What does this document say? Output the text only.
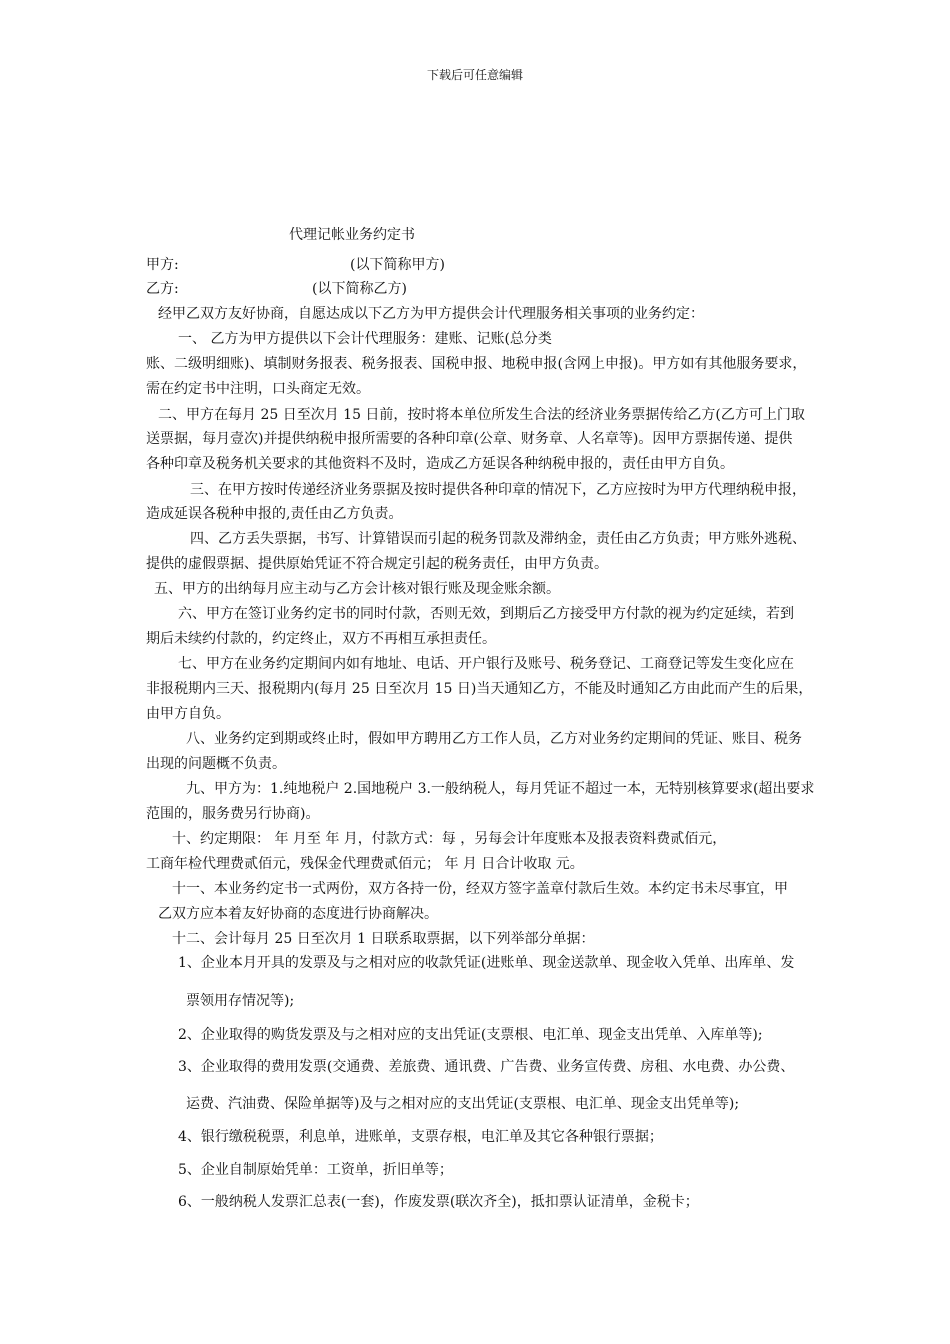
下载后可任意编辑
代理记帐业务约定书
甲方:	(以下简称甲方)
乙方:	(以下简称乙方)
经甲乙双方友好协商，自愿达成以下乙方为甲方提供会计代理服务相关事项的业务约定：
一、 乙方为甲方提供以下会计代理服务：建账、记账(总分类
账、二级明细账)、填制财务报表、税务报表、国税申报、地税申报(含网上申报)。甲方如有其他服务要求，
需在约定书中注明，口头商定无效。
二、甲方在每月 25 日至次月 15 日前，按时将本单位所发生合法的经济业务票据传给乙方(乙方可上门取
送票据，每月壹次)并提供纳税申报所需要的各种印章(公章、财务章、人名章等)。因甲方票据传递、提供
各种印章及税务机关要求的其他资料不及时，造成乙方延误各种纳税申报的，责任由甲方自负。
三、在甲方按时传递经济业务票据及按时提供各种印章的情况下，乙方应按时为甲方代理纳税申报，
造成延误各税种申报的,责任由乙方负责。
四、乙方丢失票据，书写、计算错误而引起的税务罚款及滞纳金，责任由乙方负责；甲方账外逃税、
提供的虚假票据、提供原始凭证不符合规定引起的税务责任，由甲方负责。
五、甲方的出纳每月应主动与乙方会计核对银行账及现金账余额。
六、甲方在签订业务约定书的同时付款，否则无效，到期后乙方接受甲方付款的视为约定延续，若到
期后未续约付款的，约定终止，双方不再相互承担责任。
七、甲方在业务约定期间内如有地址、电话、开户银行及账号、税务登记、工商登记等发生变化应在
非报税期内三天、报税期内(每月 25 日至次月 15 日)当天通知乙方，不能及时通知乙方由此而产生的后果，
由甲方自负。
八、业务约定到期或终止时，假如甲方聘用乙方工作人员，乙方对业务约定期间的凭证、账目、税务
出现的问题概不负责。
九、甲方为：1.纯地税户 2.国地税户 3.一般纳税人，每月凭证不超过一本，无特别核算要求(超出要求
范围的，服务费另行协商)。
十、约定期限： 年 月至 年 月，付款方式：每 ，另每会计年度账本及报表资料费贰佰元，
工商年检代理费贰佰元，残保金代理费贰佰元； 年 月 日合计收取 元。
十一、本业务约定书一式两份，双方各持一份，经双方签字盖章付款后生效。本约定书未尽事宜，甲
乙双方应本着友好协商的态度进行协商解决。
十二、会计每月 25 日至次月 1 日联系取票据，以下列举部分单据：
1、企业本月开具的发票及与之相对应的收款凭证(进账单、现金送款单、现金收入凭单、出库单、发
票领用存情况等);
2、企业取得的购货发票及与之相对应的支出凭证(支票根、电汇单、现金支出凭单、入库单等);
3、企业取得的费用发票(交通费、差旅费、通讯费、广告费、业务宣传费、房租、水电费、办公费、
运费、汽油费、保险单据等)及与之相对应的支出凭证(支票根、电汇单、现金支出凭单等);
4、银行缴税税票，利息单，进账单，支票存根，电汇单及其它各种银行票据；
5、企业自制原始凭单：工资单，折旧单等；
6、一般纳税人发票汇总表(一套)，作废发票(联次齐全)，抵扣票认证清单，金税卡；
